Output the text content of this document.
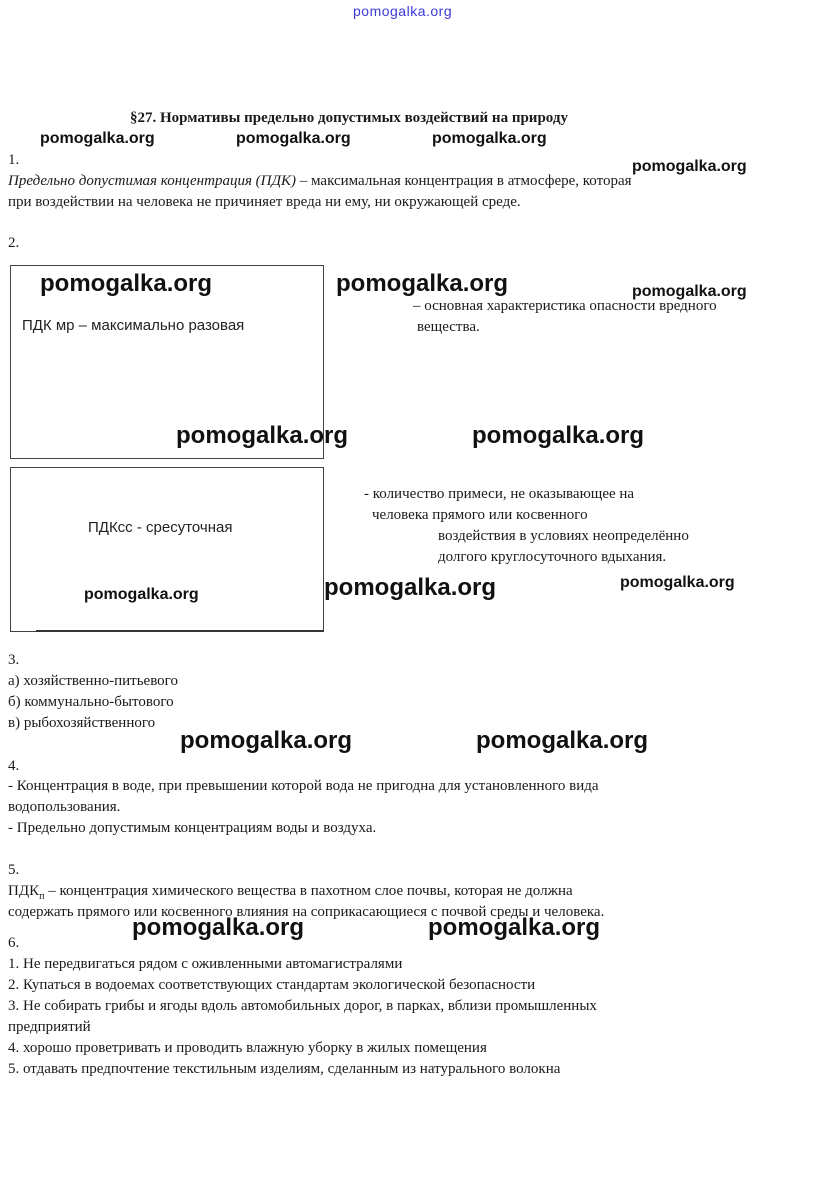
pomogalka.org
§27. Нормативы предельно допустимых воздействий на природу
pomogalka.org	pomogalka.org	pomogalka.org
pomogalka.org
1.
Предельно допустимая концентрация (ПДК) – максимальная концентрация в атмосфере, которая
при воздействии на человека не причиняет вреда ни ему, ни окружающей среде.
2.
ПДК мр – максимально разовая
pomogalka.org	pomogalka.org	pomogalka.org
– основная характеристика опасности вредного
вещества.
pomogalka.org	pomogalka.org
ПДКсс - сресуточная
- количество примеси, не оказывающее на
человека прямого или косвенного
воздействия в условиях неопределённо
долгого круглосуточного вдыхания.
pomogalka.org	pomogalka.org	pomogalka.org
3.
а) хозяйственно-питьевого
б) коммунально-бытового
в) рыбохозяйственного
pomogalka.org	pomogalka.org
4.
- Концентрация в воде, при превышении которой вода не пригодна для установленного вида
водопользования.
- Предельно допустимым концентрациям воды и воздуха.
5.
$ПДК_п$ – концентрация химического вещества в пахотном слое почвы, которая не должна
содержать прямого или косвенного влияния на соприкасающиеся с почвой среды и человека.
pomogalka.org	pomogalka.org
6.
1. Не передвигаться рядом с оживленными автомагистралями
2. Купаться в водоемах соответствующих стандартам экологической безопасности
3. Не собирать грибы и ягоды вдоль автомобильных дорог, в парках, вблизи промышленных
предприятий
4. хорошо проветривать и проводить влажную уборку в жилых помещения
5. отдавать предпочтение текстильным изделиям, сделанным из натурального волокна
